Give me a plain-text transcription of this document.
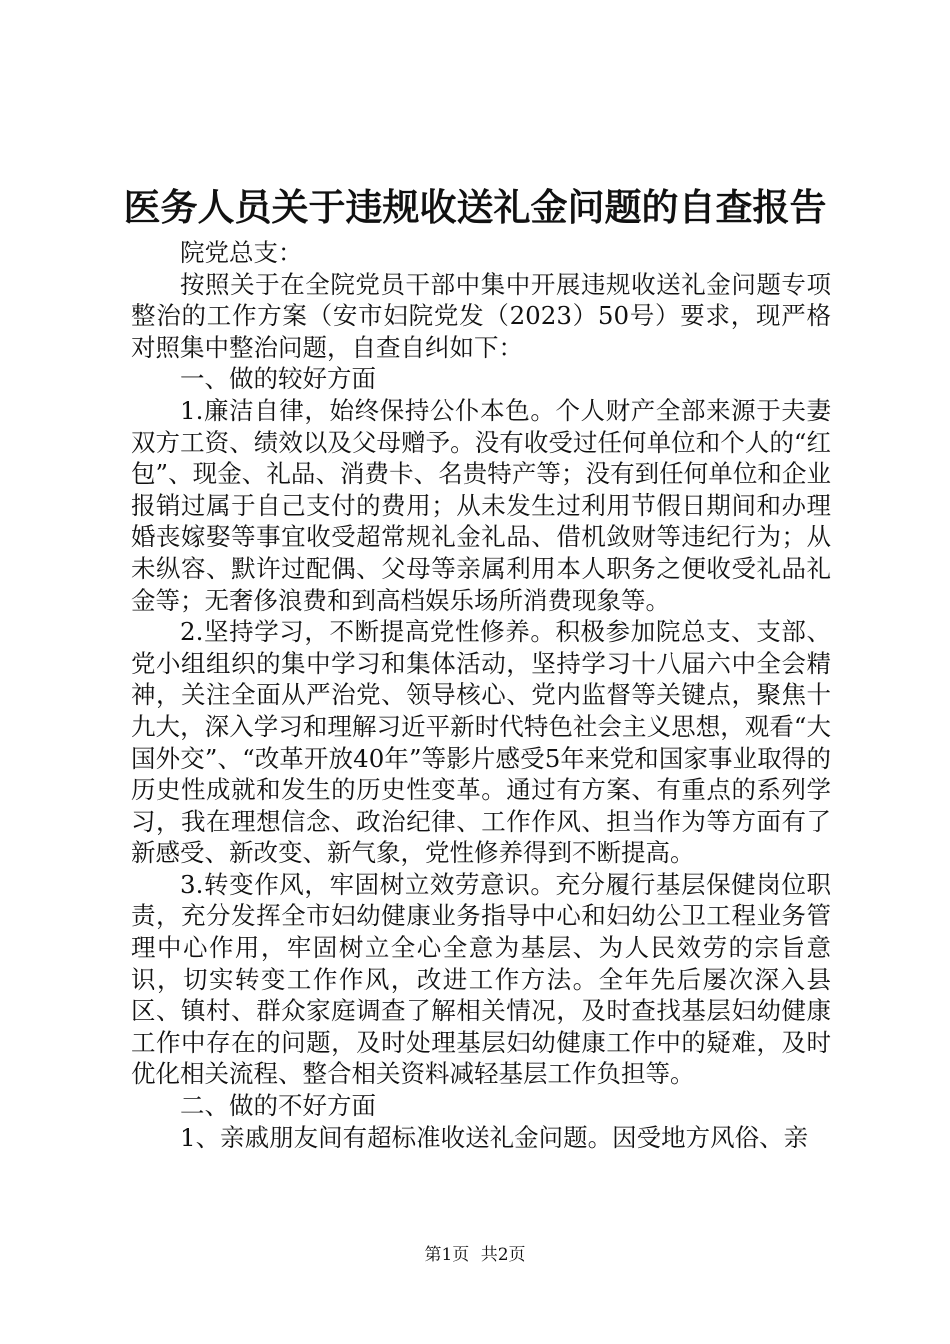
医务人员关于违规收送礼金问题的自查报告

院党总支：

按照关于在全院党员干部中集中开展违规收送礼金问题专项整治的工作方案（安市妇院党发（2023）50号）要求，现严格对照集中整治问题，自查自纠如下：

一、做的较好方面

1.廉洁自律，始终保持公仆本色。个人财产全部来源于夫妻双方工资、绩效以及父母赠予。没有收受过任何单位和个人的“红包”、现金、礼品、消费卡、名贵特产等；没有到任何单位和企业报销过属于自己支付的费用；从未发生过利用节假日期间和办理婚丧嫁娶等事宜收受超常规礼金礼品、借机敛财等违纪行为；从未纵容、默许过配偶、父母等亲属利用本人职务之便收受礼品礼金等；无奢侈浪费和到高档娱乐场所消费现象等。

2.坚持学习，不断提高党性修养。积极参加院总支、支部、党小组组织的集中学习和集体活动，坚持学习十八届六中全会精神，关注全面从严治党、领导核心、党内监督等关键点，聚焦十九大，深入学习和理解习近平新时代特色社会主义思想，观看“大国外交”、“改革开放40年”等影片感受5年来党和国家事业取得的历史性成就和发生的历史性变革。通过有方案、有重点的系列学习，我在理想信念、政治纪律、工作作风、担当作为等方面有了新感受、新改变、新气象，党性修养得到不断提高。

3.转变作风，牢固树立效劳意识。充分履行基层保健岗位职责，充分发挥全市妇幼健康业务指导中心和妇幼公卫工程业务管理中心作用，牢固树立全心全意为基层、为人民效劳的宗旨意识，切实转变工作作风，改进工作方法。全年先后屡次深入县区、镇村、群众家庭调查了解相关情况，及时查找基层妇幼健康工作中存在的问题，及时处理基层妇幼健康工作中的疑难，及时优化相关流程、整合相关资料减轻基层工作负担等。

二、做的不好方面

1、亲戚朋友间有超标准收送礼金问题。因受地方风俗、亲

第1页 共2页
